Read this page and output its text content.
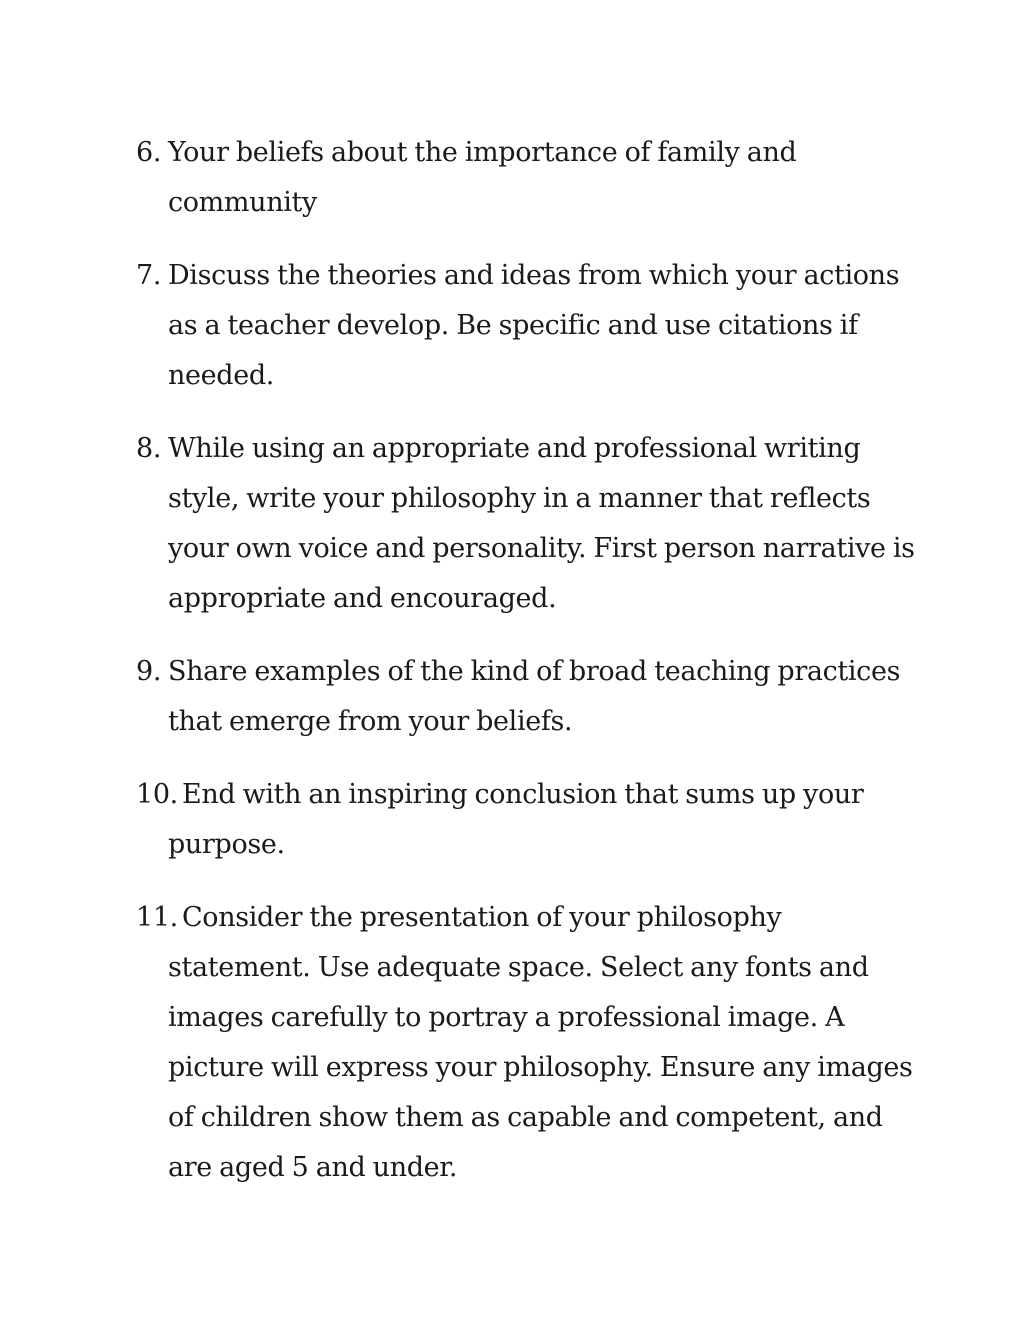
6. Your beliefs about the importance of family and community
7. Discuss the theories and ideas from which your actions as a teacher develop. Be specific and use citations if needed.
8. While using an appropriate and professional writing style, write your philosophy in a manner that reflects your own voice and personality. First person narrative is appropriate and encouraged.
9. Share examples of the kind of broad teaching practices that emerge from your beliefs.
10. End with an inspiring conclusion that sums up your purpose.
11. Consider the presentation of your philosophy statement. Use adequate space. Select any fonts and images carefully to portray a professional image. A picture will express your philosophy. Ensure any images of children show them as capable and competent, and are aged 5 and under.
